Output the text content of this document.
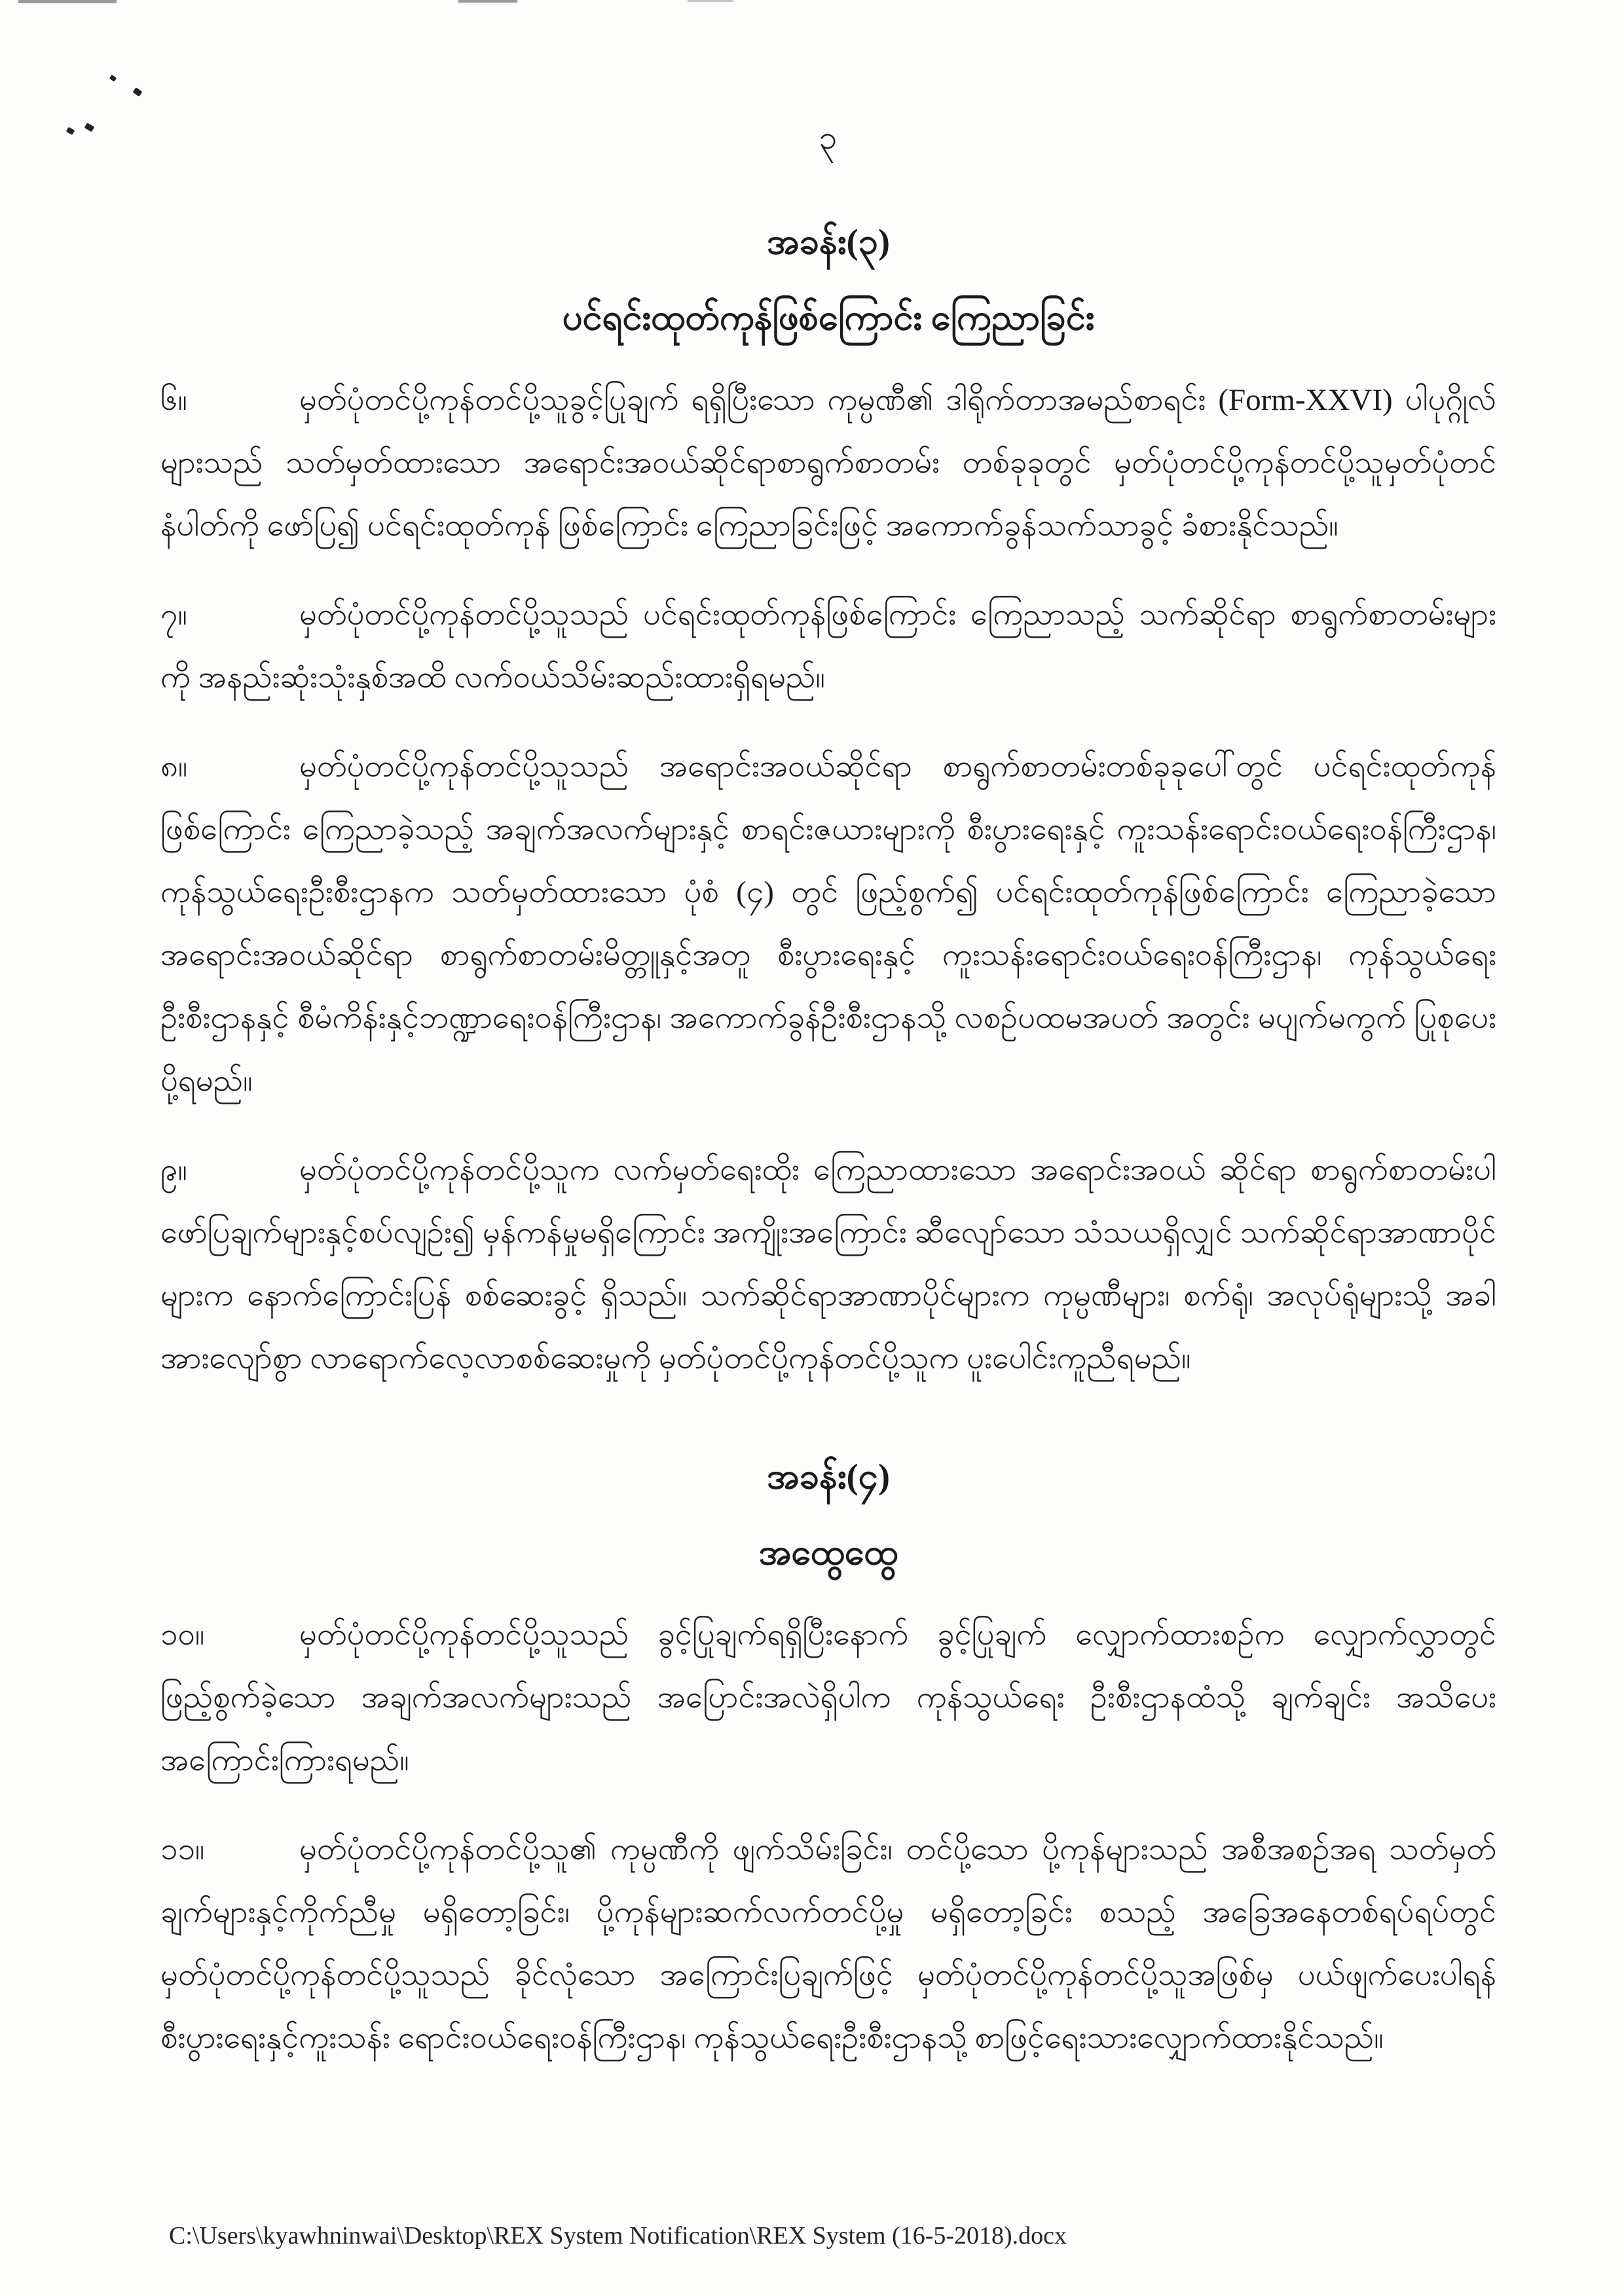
၃
အခန်း(၃)
ပင်ရင်းထုတ်ကုန်ဖြစ်ကြောင်း ကြေညာခြင်း

၆။	မှတ်ပုံတင်ပို့ကုန်တင်ပို့သူခွင့်ပြုချက် ရရှိပြီးသော ကုမ္ပဏီ၏ ဒါရိုက်တာအမည်စာရင်း (Form-XXVI) ပါပုဂ္ဂိုလ်များသည် သတ်မှတ်ထားသော အရောင်းအဝယ်ဆိုင်ရာစာရွက်စာတမ်း တစ်ခုခုတွင် မှတ်ပုံတင်ပို့ကုန်တင်ပို့သူမှတ်ပုံတင်နံပါတ်ကို ဖော်ပြ၍ ပင်ရင်းထုတ်ကုန် ဖြစ်ကြောင်း ကြေညာခြင်းဖြင့် အကောက်ခွန်သက်သာခွင့် ခံစားနိုင်သည်။

၇။	မှတ်ပုံတင်ပို့ကုန်တင်ပို့သူသည် ပင်ရင်းထုတ်ကုန်ဖြစ်ကြောင်း ကြေညာသည့် သက်ဆိုင်ရာ စာရွက်စာတမ်းများကို အနည်းဆုံးသုံးနှစ်အထိ လက်ဝယ်သိမ်းဆည်းထားရှိရမည်။

၈။	မှတ်ပုံတင်ပို့ကုန်တင်ပို့သူသည် အရောင်းအဝယ်ဆိုင်ရာ စာရွက်စာတမ်းတစ်ခုခုပေါ်တွင် ပင်ရင်းထုတ်ကုန်ဖြစ်ကြောင်း ကြေညာခဲ့သည့် အချက်အလက်များနှင့် စာရင်းဇယားများကို စီးပွားရေးနှင့် ကူးသန်းရောင်းဝယ်ရေးဝန်ကြီးဌာန၊ ကုန်သွယ်ရေးဦးစီးဌာနက သတ်မှတ်ထားသော ပုံစံ (၄) တွင် ဖြည့်စွက်၍ ပင်ရင်းထုတ်ကုန်ဖြစ်ကြောင်း ကြေညာခဲ့သော အရောင်းအဝယ်ဆိုင်ရာ စာရွက်စာတမ်းမိတ္တူနှင့်အတူ စီးပွားရေးနှင့် ကူးသန်းရောင်းဝယ်ရေးဝန်ကြီးဌာန၊ ကုန်သွယ်ရေး ဦးစီးဌာနနှင့် စီမံကိန်းနှင့်ဘဏ္ဍာရေးဝန်ကြီးဌာန၊ အကောက်ခွန်ဦးစီးဌာနသို့ လစဉ်ပထမအပတ် အတွင်း မပျက်မကွက် ပြုစုပေးပို့ရမည်။

၉။	မှတ်ပုံတင်ပို့ကုန်တင်ပို့သူက လက်မှတ်ရေးထိုး ကြေညာထားသော အရောင်းအဝယ် ဆိုင်ရာ စာရွက်စာတမ်းပါ ဖော်ပြချက်များနှင့်စပ်လျဉ်း၍ မှန်ကန်မှုမရှိကြောင်း အကျိုးအကြောင်း ဆီလျော်သော သံသယရှိလျှင် သက်ဆိုင်ရာအာဏာပိုင်များက နောက်ကြောင်းပြန် စစ်ဆေးခွင့် ရှိသည်။ သက်ဆိုင်ရာအာဏာပိုင်များက ကုမ္ပဏီများ၊ စက်ရုံ၊ အလုပ်ရုံများသို့ အခါအားလျော်စွာ လာရောက်လေ့လာစစ်ဆေးမှုကို မှတ်ပုံတင်ပို့ကုန်တင်ပို့သူက ပူးပေါင်းကူညီရမည်။

အခန်း(၄)
အထွေထွေ

၁၀။	မှတ်ပုံတင်ပို့ကုန်တင်ပို့သူသည် ခွင့်ပြုချက်ရရှိပြီးနောက် ခွင့်ပြုချက် လျှောက်ထားစဉ်က လျှောက်လွှာတွင် ဖြည့်စွက်ခဲ့သော အချက်အလက်များသည် အပြောင်းအလဲရှိပါက ကုန်သွယ်ရေး ဦးစီးဌာနထံသို့ ချက်ချင်း အသိပေးအကြောင်းကြားရမည်။

၁၁။	မှတ်ပုံတင်ပို့ကုန်တင်ပို့သူ၏ ကုမ္ပဏီကို ဖျက်သိမ်းခြင်း၊ တင်ပို့သော ပို့ကုန်များသည် အစီအစဉ်အရ သတ်မှတ်ချက်များနှင့်ကိုက်ညီမှု မရှိတော့ခြင်း၊ ပို့ကုန်များဆက်လက်တင်ပို့မှု မရှိတော့ခြင်း စသည့် အခြေအနေတစ်ရပ်ရပ်တွင် မှတ်ပုံတင်ပို့ကုန်တင်ပို့သူသည် ခိုင်လုံသော အကြောင်းပြချက်ဖြင့် မှတ်ပုံတင်ပို့ကုန်တင်ပို့သူအဖြစ်မှ ပယ်ဖျက်ပေးပါရန် စီးပွားရေးနှင့်ကူးသန်း ရောင်းဝယ်ရေးဝန်ကြီးဌာန၊ ကုန်သွယ်ရေးဦးစီးဌာနသို့ စာဖြင့်ရေးသားလျှောက်ထားနိုင်သည်။

C:\Users\kyawhninwai\Desktop\REX System Notification\REX System (16-5-2018).docx
